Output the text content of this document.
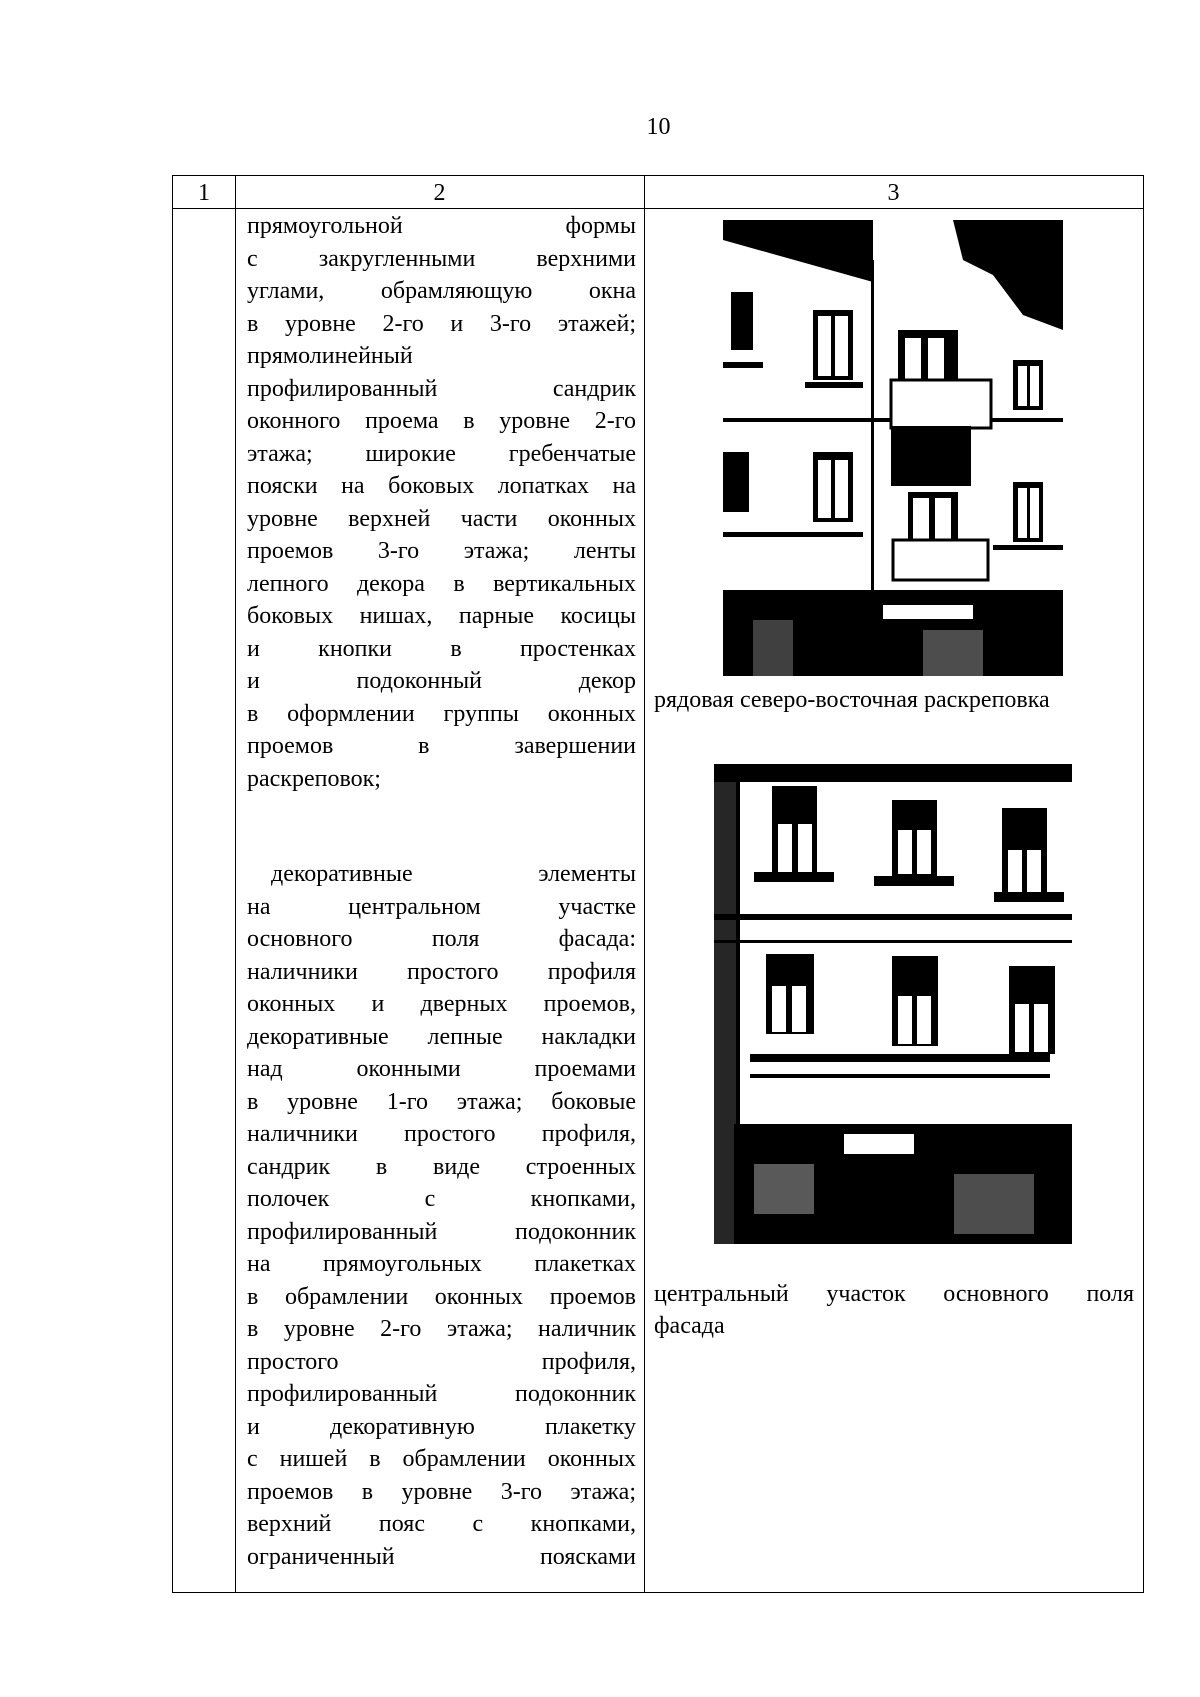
10
1	2	3
прямоугольной формы
с закругленными верхними
углами, обрамляющую окна
в уровне 2-го и 3-го этажей;
прямолинейный
профилированный сандрик
оконного проема в уровне 2-го
этажа; широкие гребенчатые
пояски на боковых лопатках на
уровне верхней части оконных
проемов 3-го этажа; ленты
лепного декора в вертикальных
боковых нишах, парные косицы
и кнопки в простенках
и подоконный декор
в оформлении группы оконных
проемов в завершении
раскреповок;
декоративные элементы
на центральном участке
основного поля фасада:
наличники простого профиля
оконных и дверных проемов,
декоративные лепные накладки
над оконными проемами
в уровне 1-го этажа; боковые
наличники простого профиля,
сандрик в виде строенных
полочек с кнопками,
профилированный подоконник
на прямоугольных плакетках
в обрамлении оконных проемов
в уровне 2-го этажа; наличник
простого профиля,
профилированный подоконник
и декоративную плакетку
с нишей в обрамлении оконных
проемов в уровне 3-го этажа;
верхний пояс с кнопками,
ограниченный поясками
рядовая северо-восточная раскреповка
центральный участок основного поля
фасада
